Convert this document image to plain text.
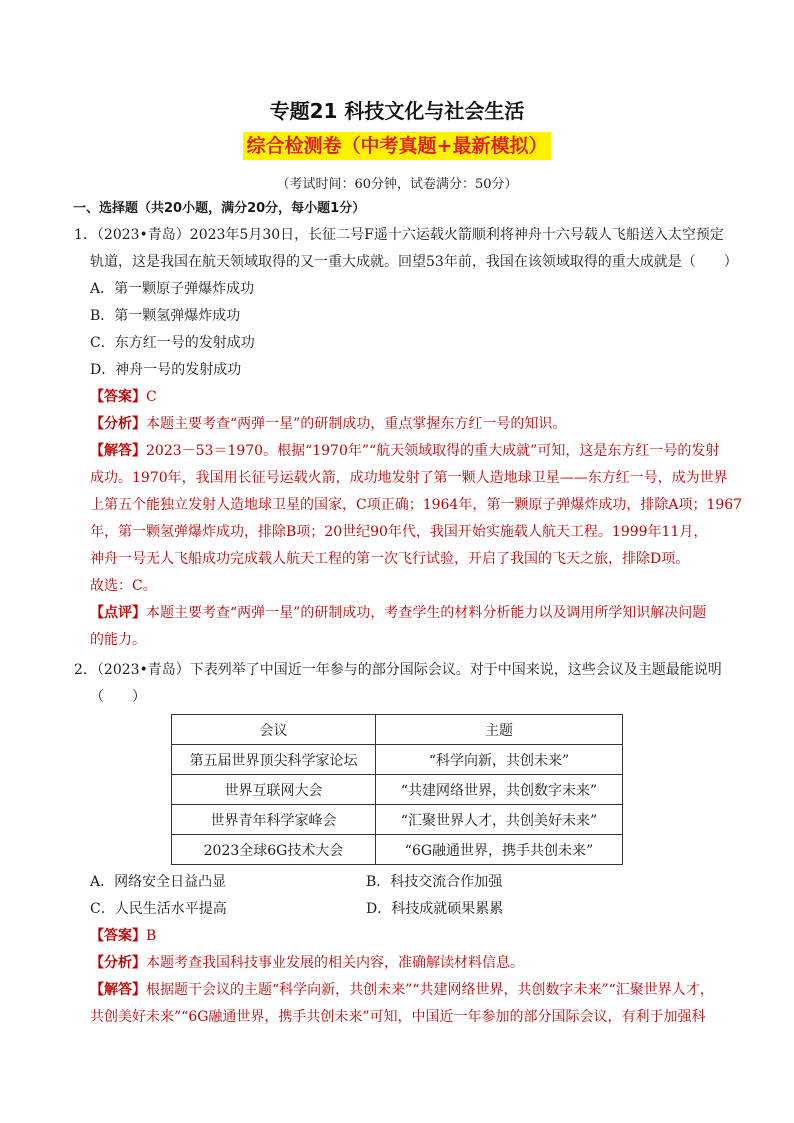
专题21 科技文化与社会生活
综合检测卷（中考真题+最新模拟）
（考试时间：60分钟，试卷满分：50分）
一、选择题（共20小题，满分20分，每小题1分）
1．（2023•青岛）2023年5月30日，长征二号F遥十六运载火箭顺利将神舟十六号载人飞船送入太空预定
轨道，这是我国在航天领域取得的又一重大成就。回望53年前，我国在该领域取得的重大成就是（　　）
A．第一颗原子弹爆炸成功
B．第一颗氢弹爆炸成功
C．东方红一号的发射成功
D．神舟一号的发射成功
【答案】C
【分析】本题主要考查“两弹一星”的研制成功，重点掌握东方红一号的知识。
【解答】2023－53＝1970。根据“1970年”“航天领域取得的重大成就”可知，这是东方红一号的发射
成功。1970年，我国用长征号运载火箭，成功地发射了第一颗人造地球卫星——东方红一号，成为世界
上第五个能独立发射人造地球卫星的国家，C项正确；1964年，第一颗原子弹爆炸成功，排除A项；1967
年，第一颗氢弹爆炸成功，排除B项；20世纪90年代，我国开始实施载人航天工程。1999年11月，
神舟一号无人飞船成功完成载人航天工程的第一次飞行试验，开启了我国的飞天之旅，排除D项。
故选：C。
【点评】本题主要考查“两弹一星”的研制成功，考查学生的材料分析能力以及调用所学知识解决问题
的能力。
2．（2023•青岛）下表列举了中国近一年参与的部分国际会议。对于中国来说，这些会议及主题最能说明
（　　）
会议	主题
第五届世界顶尖科学家论坛	“科学向新，共创未来”
世界互联网大会	“共建网络世界，共创数字未来”
世界青年科学家峰会	“汇聚世界人才，共创美好未来”
2023全球6G技术大会	“6G融通世界，携手共创未来”
A．网络安全日益凸显	B．科技交流合作加强
C．人民生活水平提高	D．科技成就硕果累累
【答案】B
【分析】本题考查我国科技事业发展的相关内容，准确解读材料信息。
【解答】根据题干会议的主题“科学向新，共创未来”“共建网络世界，共创数字未来”“汇聚世界人才，
共创美好未来”“6G融通世界，携手共创未来”可知，中国近一年参加的部分国际会议，有利于加强科
